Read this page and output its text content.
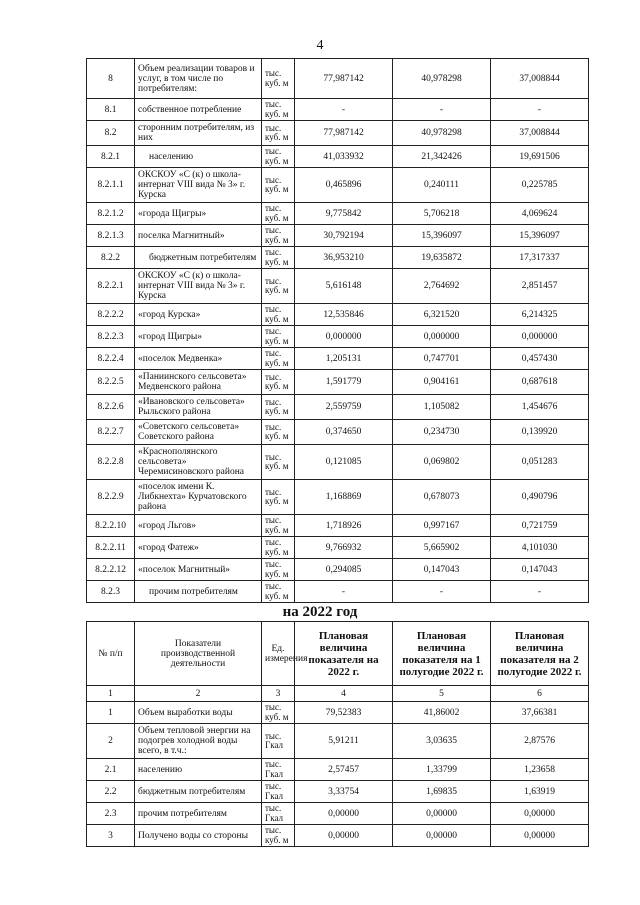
4
8	Объем реализации товаров и услуг, в том числе по потребителям:	тыс. куб. м	77,987142	40,978298	37,008844
8.1	собственное потребление	тыс. куб. м	-	-	-
8.2	сторонним потребителям, из них	тыс. куб. м	77,987142	40,978298	37,008844
8.2.1	населению	тыс. куб. м	41,033932	21,342426	19,691506
8.2.1.1	ОКСКОУ «С (к) о школа-интернат VIII вида № 3» г. Курска	тыс. куб. м	0,465896	0,240111	0,225785
8.2.1.2	«города Щигры»	тыс. куб. м	9,775842	5,706218	4,069624
8.2.1.3	поселка Магнитный»	тыс. куб. м	30,792194	15,396097	15,396097
8.2.2	бюджетным потребителям	тыс. куб. м	36,953210	19,635872	17,317337
8.2.2.1	ОКСКОУ «С (к) о школа-интернат VIII вида № 3» г. Курска	тыс. куб. м	5,616148	2,764692	2,851457
8.2.2.2	«город Курска»	тыс. куб. м	12,535846	6,321520	6,214325
8.2.2.3	«город Щигры»	тыс. куб. м	0,000000	0,000000	0,000000
8.2.2.4	«поселок Медвенка»	тыс. куб. м	1,205131	0,747701	0,457430
8.2.2.5	«Паниинского сельсовета» Медвенского района	тыс. куб. м	1,591779	0,904161	0,687618
8.2.2.6	«Ивановского сельсовета» Рыльского района	тыс. куб. м	2,559759	1,105082	1,454676
8.2.2.7	«Советского сельсовета» Советского района	тыс. куб. м	0,374650	0,234730	0,139920
8.2.2.8	«Краснополянского сельсовета» Черемисиновского района	тыс. куб. м	0,121085	0,069802	0,051283
8.2.2.9	«поселок имени К. Либкнехта» Курчатовского района	тыс. куб. м	1,168869	0,678073	0,490796
8.2.2.10	«город Льгов»	тыс. куб. м	1,718926	0,997167	0,721759
8.2.2.11	«город Фатеж»	тыс. куб. м	9,766932	5,665902	4,101030
8.2.2.12	«поселок Магнитный»	тыс. куб. м	0,294085	0,147043	0,147043
8.2.3	прочим потребителям	тыс. куб. м	-	-	-
на 2022 год
№ п/п	Показатели производственной деятельности	Ед. измерения	Плановая величина показателя на 2022 г.	Плановая величина показателя на 1 полугодие 2022 г.	Плановая величина показателя на 2 полугодие 2022 г.
1	2	3	4	5	6
1	Объем выработки воды	тыс. куб. м	79,52383	41,86002	37,66381
2	Объем тепловой энергии на подогрев холодной воды всего, в т.ч.:	тыс. Гкал	5,91211	3,03635	2,87576
2.1	населению	тыс. Гкал	2,57457	1,33799	1,23658
2.2	бюджетным потребителям	тыс. Гкал	3,33754	1,69835	1,63919
2.3	прочим потребителям	тыс. Гкал	0,00000	0,00000	0,00000
3	Получено воды со стороны	тыс. куб. м	0,00000	0,00000	0,00000
